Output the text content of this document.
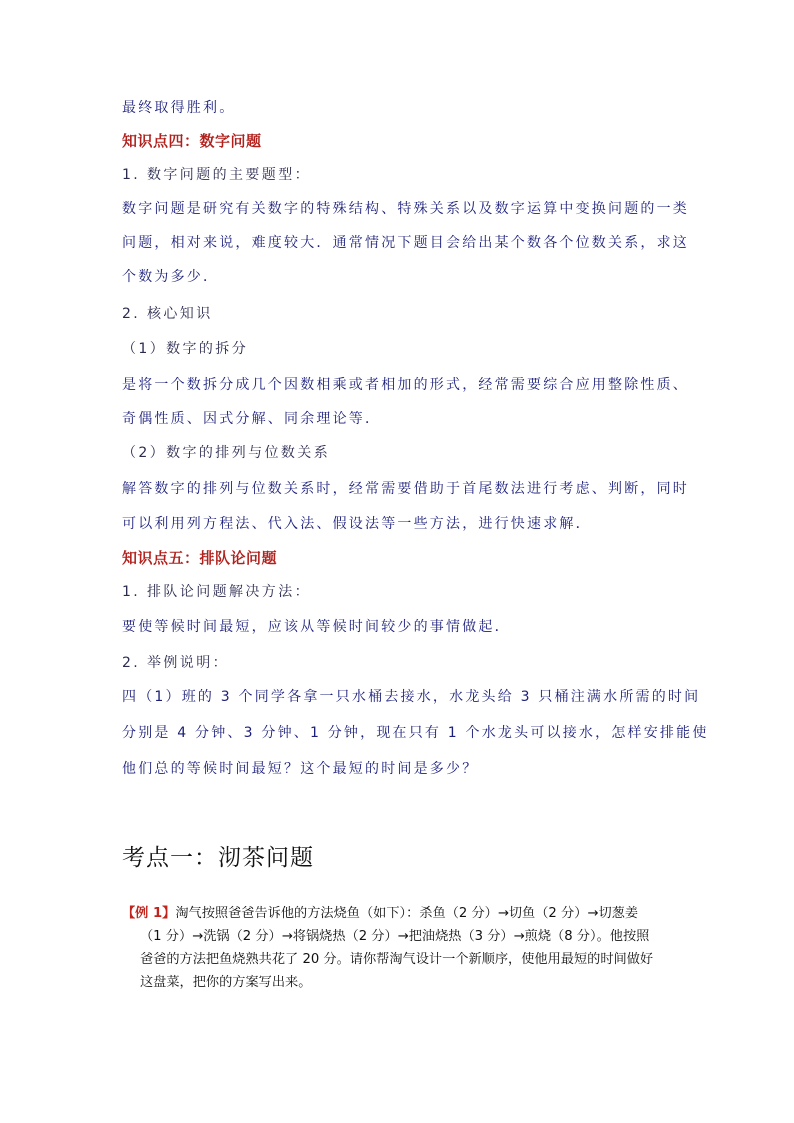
最终取得胜利。
知识点四：数字问题
1. 数字问题的主要题型：
数字问题是研究有关数字的特殊结构、特殊关系以及数字运算中变换问题的一类
问题，相对来说，难度较大．通常情况下题目会给出某个数各个位数关系，求这
个数为多少．
2. 核心知识
（1）数字的拆分
是将一个数拆分成几个因数相乘或者相加的形式，经常需要综合应用整除性质、
奇偶性质、因式分解、同余理论等．
（2）数字的排列与位数关系
解答数字的排列与位数关系时，经常需要借助于首尾数法进行考虑、判断，同时
可以利用列方程法、代入法、假设法等一些方法，进行快速求解．
知识点五：排队论问题
1. 排队论问题解决方法：
要使等候时间最短，应该从等候时间较少的事情做起．
2. 举例说明：
四（1）班的 3 个同学各拿一只水桶去接水，水龙头给 3 只桶注满水所需的时间
分别是 4 分钟、3 分钟、1 分钟，现在只有 1 个水龙头可以接水，怎样安排能使
他们总的等候时间最短？这个最短的时间是多少？
考点一：沏茶问题
【例 1】淘气按照爸爸告诉他的方法烧鱼（如下）：杀鱼（2 分）→切鱼（2 分）→切葱姜
（1 分）→洗锅（2 分）→将锅烧热（2 分）→把油烧热（3 分）→煎烧（8 分）。他按照
爸爸的方法把鱼烧熟共花了 20 分。请你帮淘气设计一个新顺序，使他用最短的时间做好
这盘菜，把你的方案写出来。
